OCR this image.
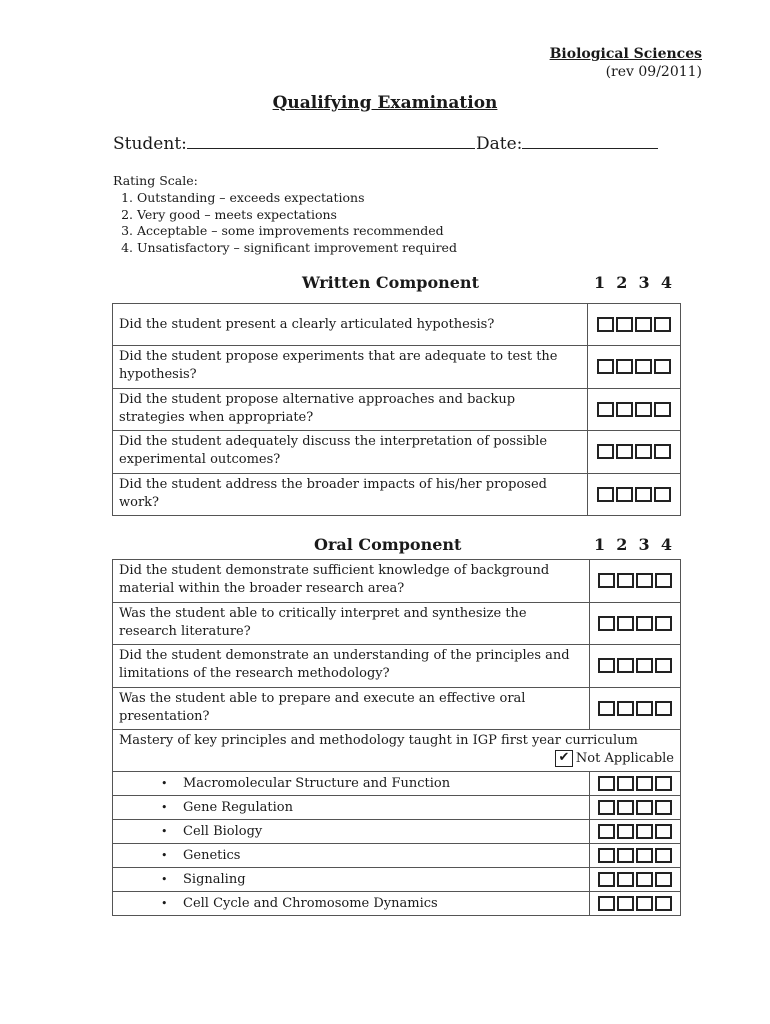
Biological Sciences
(rev 09/2011)
Qualifying Examination
Student:	Date:
Rating Scale:
1. Outstanding – exceeds expectations
2. Very good – meets expectations
3. Acceptable – some improvements recommended
4. Unsatisfactory – significant improvement required
Written Component	1  2  3  4
Did the student present a clearly articulated hypothesis?	
Did the student propose experiments that are adequate to test the hypothesis?	
Did the student propose alternative approaches and backup strategies when appropriate?	
Did the student adequately discuss the interpretation of possible experimental outcomes?	
Did the student address the broader impacts of his/her proposed work?	
Oral Component	1  2  3  4
Did the student demonstrate sufficient knowledge of background material within the broader research area?	
Was the student able to critically interpret and synthesize the research literature?	
Did the student demonstrate an understanding of the principles and limitations of the research methodology?	
Was the student able to prepare and execute an effective oral presentation?	
Mastery of key principles and methodology taught in IGP first year curriculum
✔ Not Applicable	

• Macromolecular Structure and Function	
• Gene Regulation	
• Cell Biology	
• Genetics	
• Signaling	
• Cell Cycle and Chromosome Dynamics	
